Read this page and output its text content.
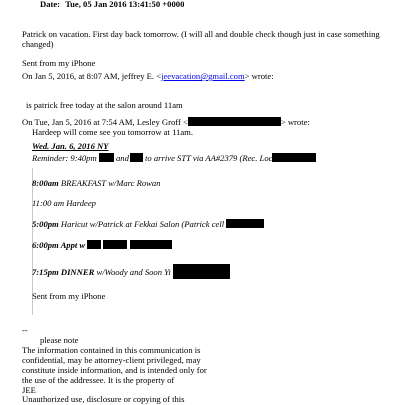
Date: Tue, 05 Jan 2016 13:41:50 +0000
Patrick on vacation. First day back tomorrow. (I will all and double check though just in case something changed)
Sent from my iPhone
On Jan 5, 2016, at 8:07 AM, jeffrey E. <jeevacation@gmail.com> wrote:
is patrick free today at the salon around 11am
On Tue, Jan 5, 2016 at 7:54 AM, Lesley Groff <	> wrote:
Hardeep will come see you tomorrow at 11am.
Wed. Jan. 6, 2016 NY
Reminder: 9:40pm and to arrive STT via AA#2379 (Rec. Loc
8:00am BREAKFAST w/Marc Rowan
11:00 am Hardeep
5:00pm Haricut w/Patrick at Fekkai Salon (Patrick cell
6:00pm Appt w
7:15pm DINNER w/Woody and Soon Yi
Sent from my iPhone
--
please note
The information contained in this communication is
confidential, may be attorney-client privileged, may
constitute inside information, and is intended only for
the use of the addressee. It is the property of
JEE
Unauthorized use, disclosure or copying of this
